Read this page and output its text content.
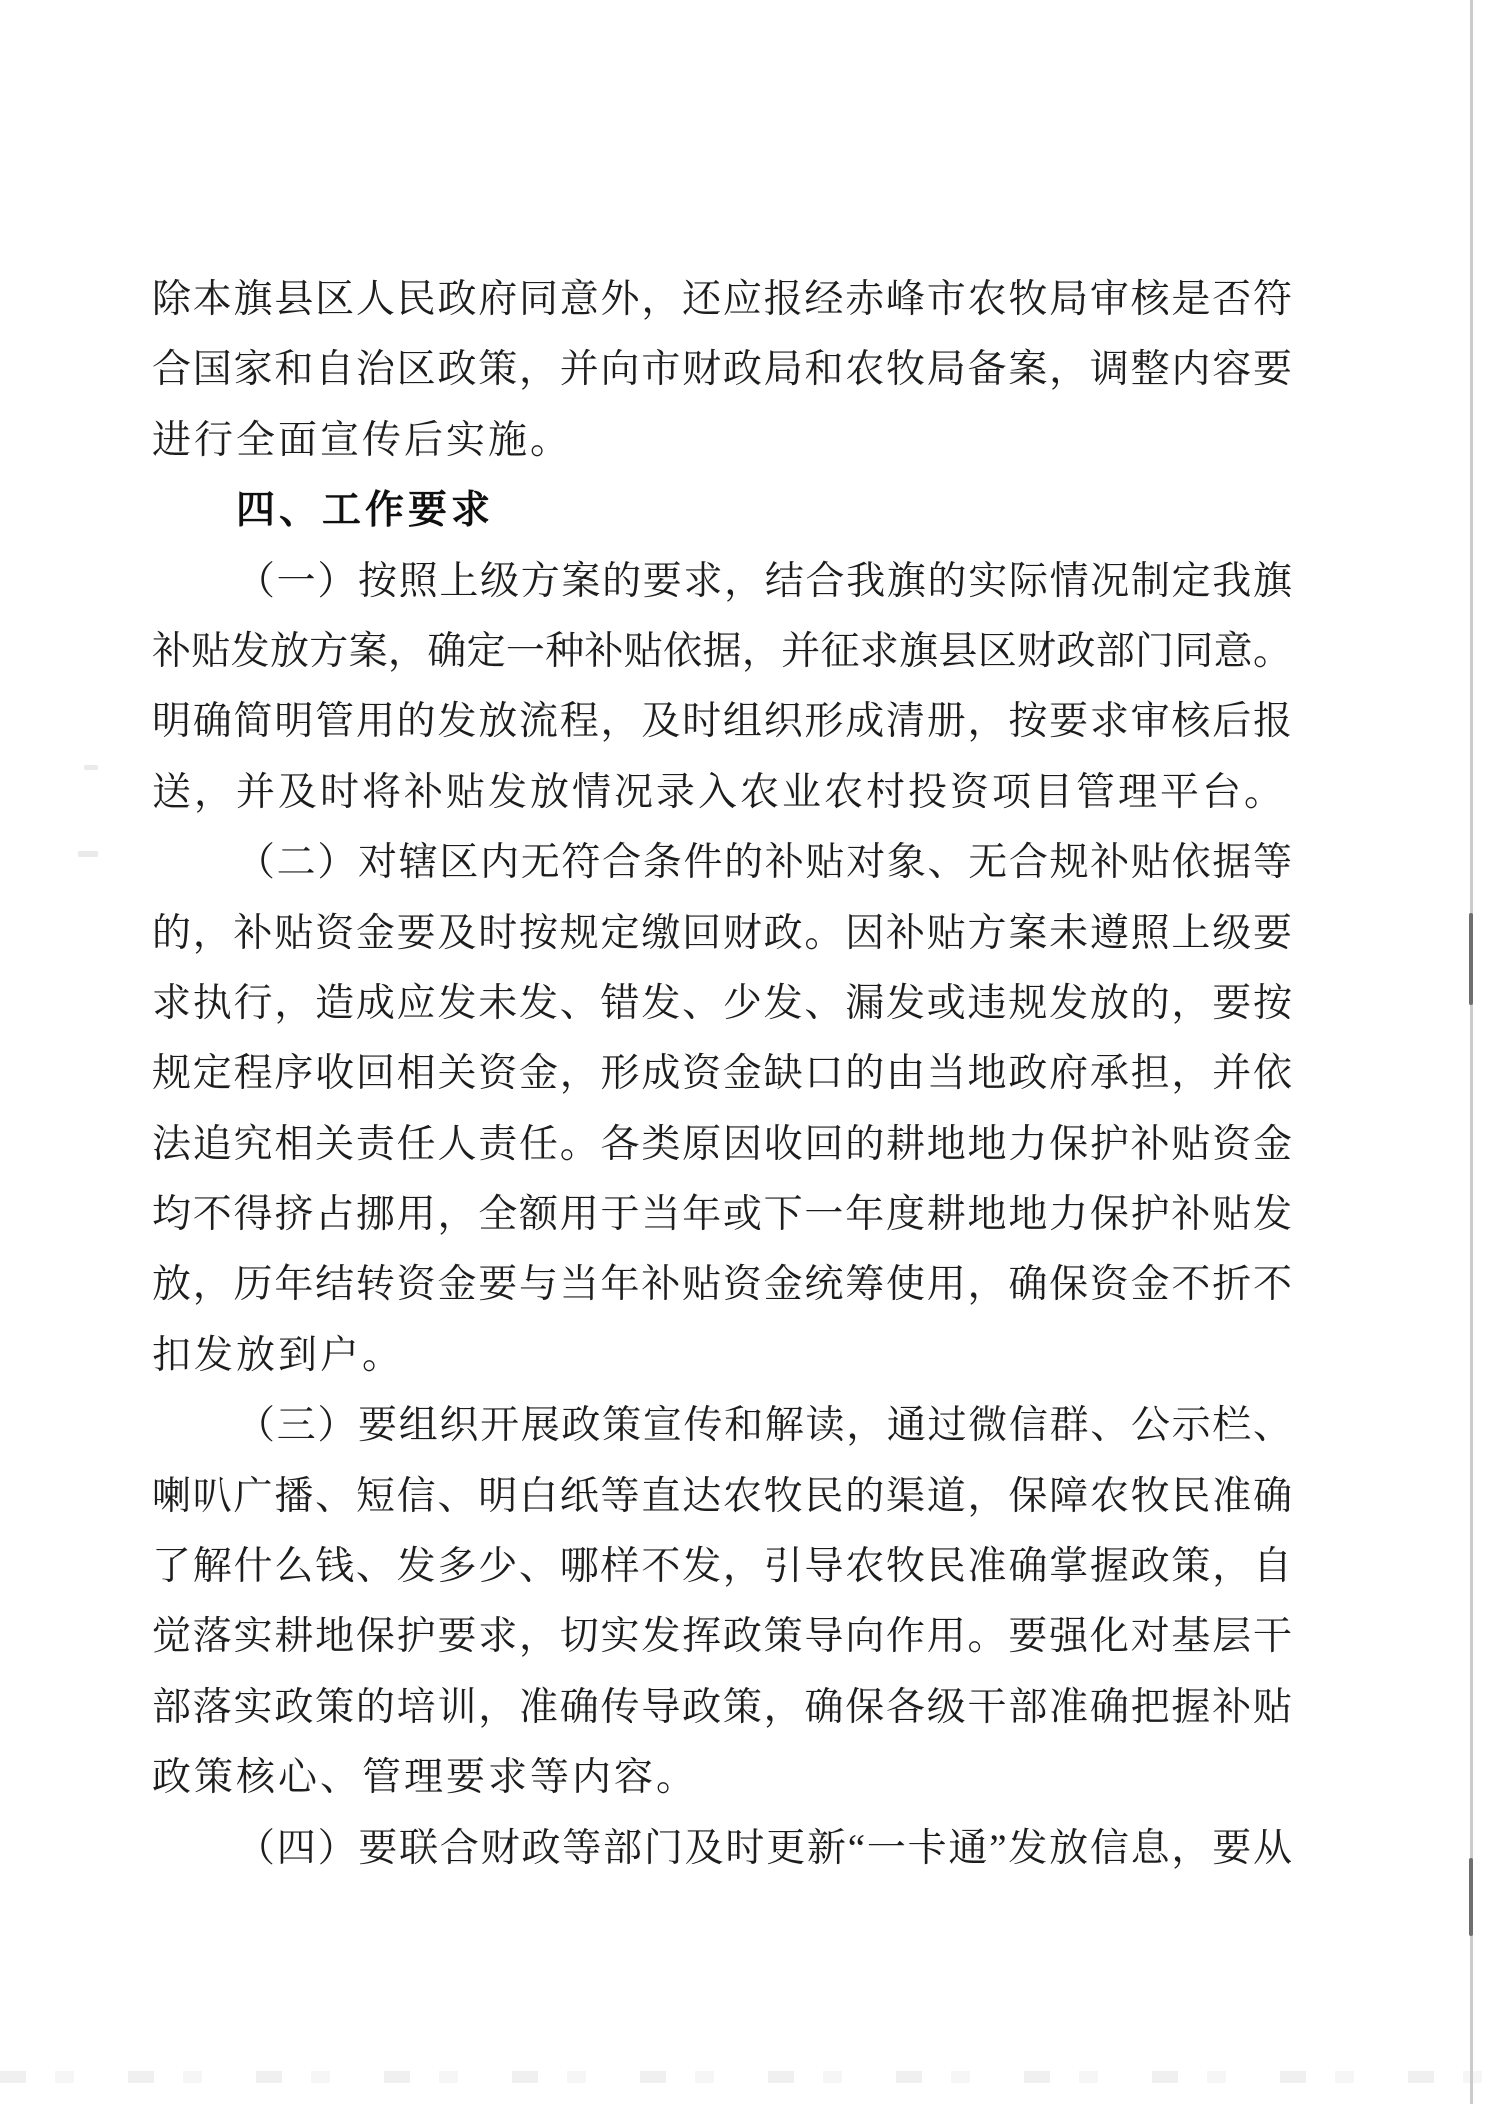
除本旗县区人民政府同意外，还应报经赤峰市农牧局审核是否符
合国家和自治区政策，并向市财政局和农牧局备案，调整内容要
进行全面宣传后实施。
四、工作要求
（一）按照上级方案的要求，结合我旗的实际情况制定我旗
补贴发放方案，确定一种补贴依据，并征求旗县区财政部门同意。
明确简明管用的发放流程，及时组织形成清册，按要求审核后报
送，并及时将补贴发放情况录入农业农村投资项目管理平台。
（二）对辖区内无符合条件的补贴对象、无合规补贴依据等
的，补贴资金要及时按规定缴回财政。因补贴方案未遵照上级要
求执行，造成应发未发、错发、少发、漏发或违规发放的，要按
规定程序收回相关资金，形成资金缺口的由当地政府承担，并依
法追究相关责任人责任。各类原因收回的耕地地力保护补贴资金
均不得挤占挪用，全额用于当年或下一年度耕地地力保护补贴发
放，历年结转资金要与当年补贴资金统筹使用，确保资金不折不
扣发放到户。
（三）要组织开展政策宣传和解读，通过微信群、公示栏、
喇叭广播、短信、明白纸等直达农牧民的渠道，保障农牧民准确
了解什么钱、发多少、哪样不发，引导农牧民准确掌握政策，自
觉落实耕地保护要求，切实发挥政策导向作用。要强化对基层干
部落实政策的培训，准确传导政策，确保各级干部准确把握补贴
政策核心、管理要求等内容。
（四）要联合财政等部门及时更新“一卡通”发放信息，要从
